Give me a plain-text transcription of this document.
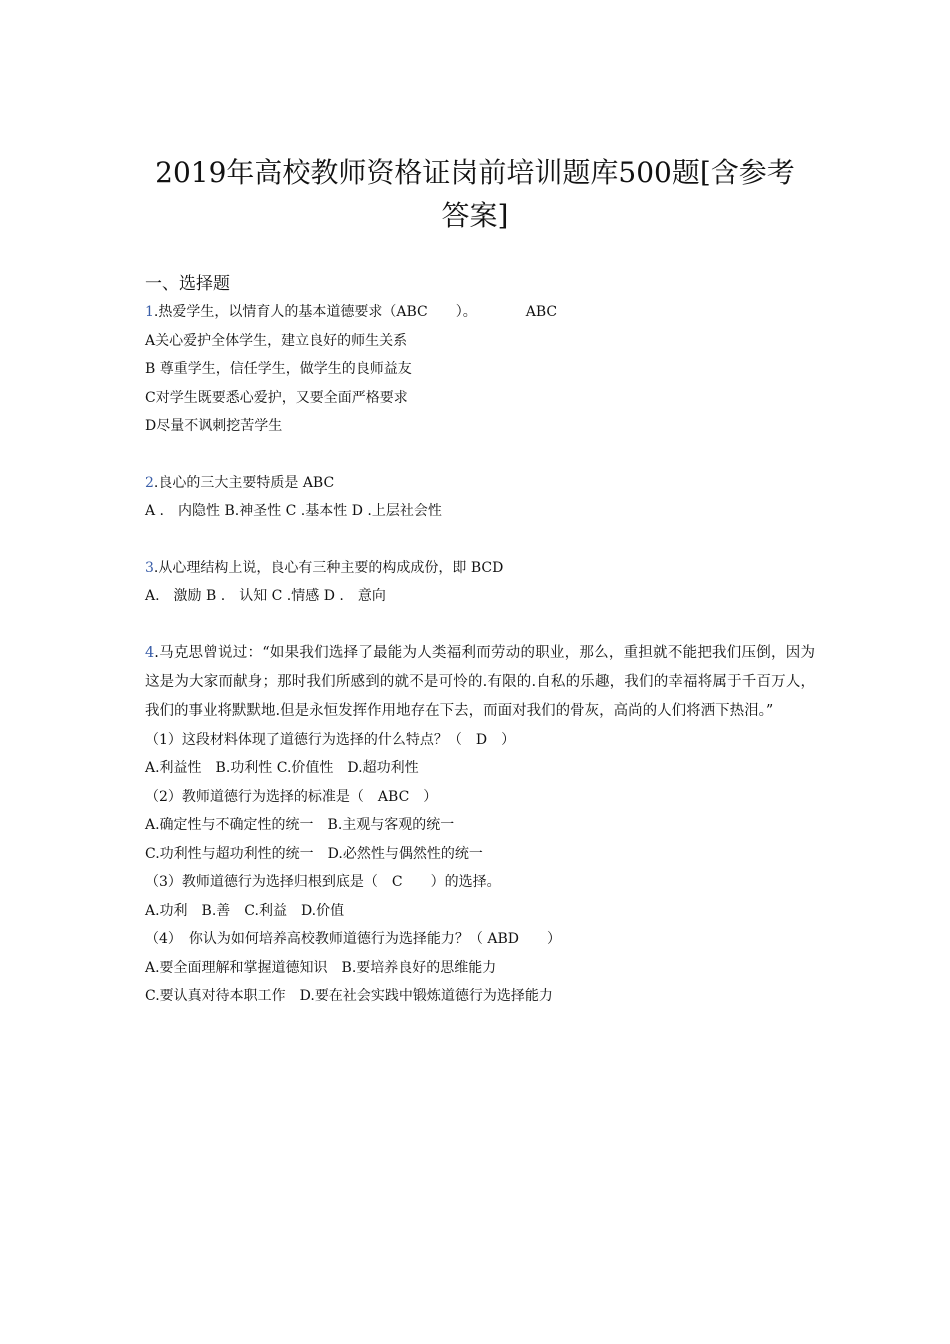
2019年高校教师资格证岗前培训题库500题[含参考
答案]
一、选择题
1.热爱学生，以情育人的基本道德要求（ABC　　）。　　　　ABC
A关心爱护全体学生，建立良好的师生关系
B 尊重学生，信任学生，做学生的良师益友
C对学生既要悉心爱护，又要全面严格要求
D尽量不讽刺挖苦学生
2.良心的三大主要特质是 ABC
A .　内隐性 B.神圣性 C .基本性 D .上层社会性
3.从心理结构上说，良心有三种主要的构成成份，即 BCD
A.　激励 B .　认知 C .情感 D .　意向
4.马克思曾说过：“如果我们选择了最能为人类福利而劳动的职业，那么，重担就不能把我们压倒，因为这是为大家而献身；那时我们所感到的就不是可怜的.有限的.自私的乐趣，我们的幸福将属于千百万人，我们的事业将默默地.但是永恒发挥作用地存在下去，而面对我们的骨灰，高尚的人们将洒下热泪。”
（1）这段材料体现了道德行为选择的什么特点？（　D　）
A.利益性　B.功利性 C.价值性　D.超功利性
（2）教师道德行为选择的标准是（　ABC　）
A.确定性与不确定性的统一　B.主观与客观的统一
C.功利性与超功利性的统一　D.必然性与偶然性的统一
（3）教师道德行为选择归根到底是（　C　　）的选择。
A.功利　B.善　C.利益　D.价值
（4）　你认为如何培养高校教师道德行为选择能力？（ ABD　　）
A.要全面理解和掌握道德知识　B.要培养良好的思维能力
C.要认真对待本职工作　D.要在社会实践中锻炼道德行为选择能力
